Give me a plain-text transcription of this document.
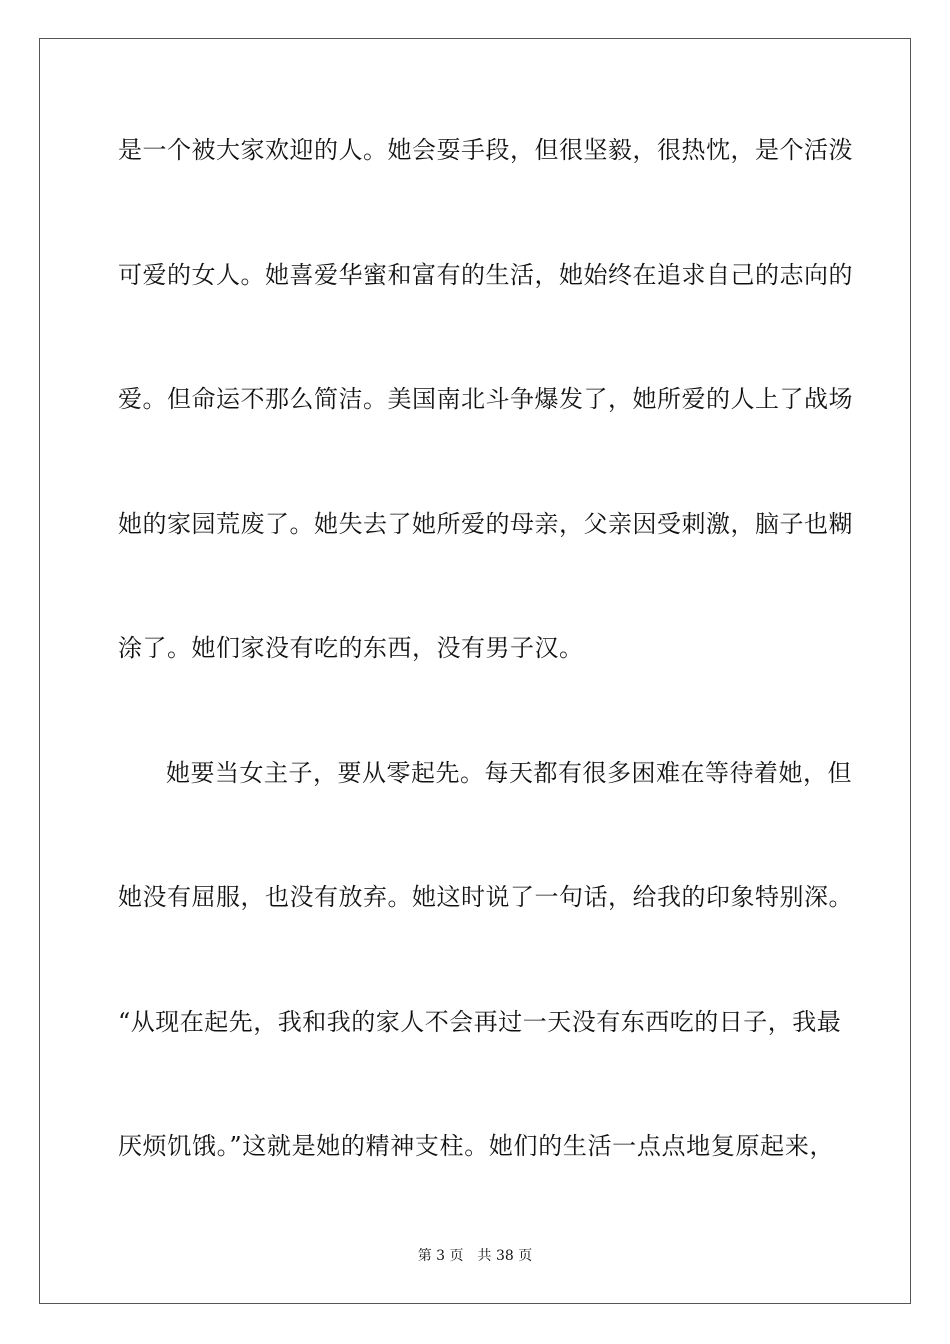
是一个被大家欢迎的人。她会耍手段，但很坚毅，很热忱，是个活泼
可爱的女人。她喜爱华蜜和富有的生活，她始终在追求自己的志向的
爱。但命运不那么简洁。美国南北斗争爆发了，她所爱的人上了战场
她的家园荒废了。她失去了她所爱的母亲，父亲因受刺激，脑子也糊
涂了。她们家没有吃的东西，没有男子汉。
她要当女主子，要从零起先。每天都有很多困难在等待着她，但
她没有屈服，也没有放弃。她这时说了一句话，给我的印象特别深。
“从现在起先，我和我的家人不会再过一天没有东西吃的日子，我最
厌烦饥饿。”这就是她的精神支柱。她们的生活一点点地复原起来，
第 3 页 共 38 页
